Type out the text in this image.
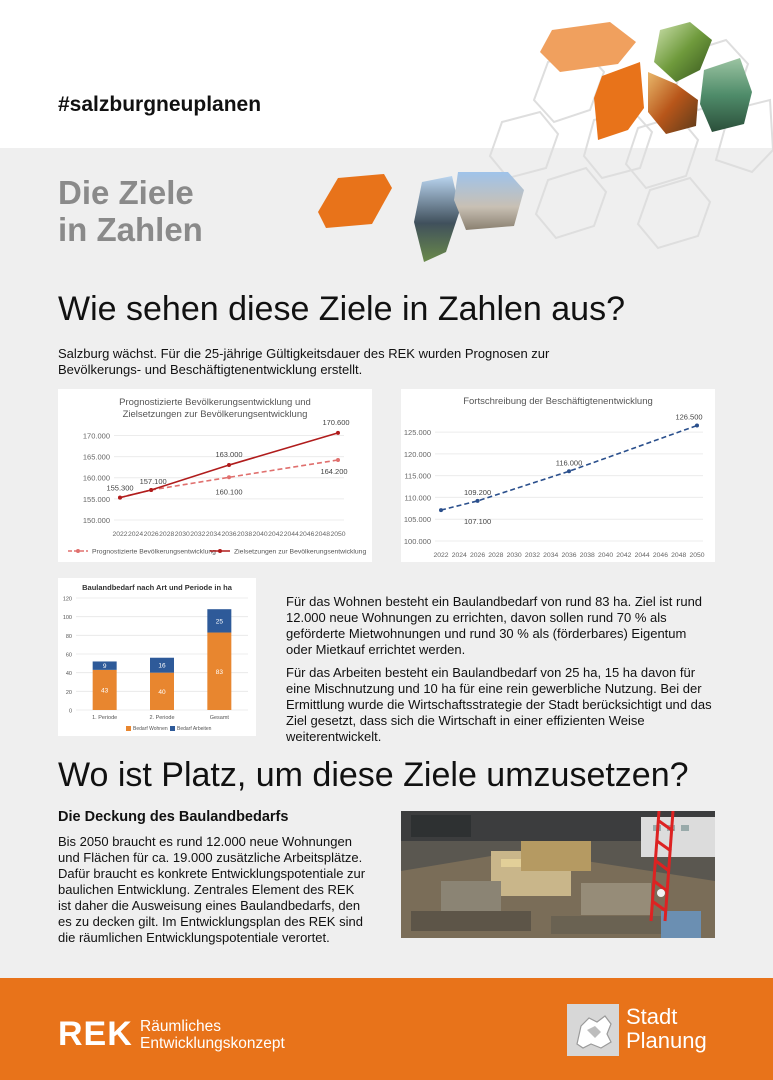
#salzburgneuplanen
Die Ziele
in Zahlen
Wie sehen diese Ziele in Zahlen aus?
Salzburg wächst. Für die 25-jährige Gültigkeitsdauer des REK wurden Prognosen zur Bevölkerungs- und Beschäftigtenentwicklung erstellt.
Prognostizierte Bevölkerungsentwicklung und
Zielsetzungen zur Bevölkerungsentwicklung
150.000
155.000
160.000
165.000
170.000
2022 2024 2026 2028 2030 2032 2034 2036 2038 2040 2042 2044 2046 2048 2050
155.300
157.100
163.000
160.100
170.600
164.200
Prognostizierte Bevölkerungsentwicklung	Zielsetzungen zur Bevölkerungsentwicklung
Fortschreibung der Beschäftigtenentwicklung
100.000
105.000
110.000
115.000
120.000
125.000
2022 2024 2026 2028 2030 2032 2034 2036 2038 2040 2042 2044 2046 2048 2050
107.100
109.200
116.000
126.500
Baulandbedarf nach Art und Periode in ha
0
20
40
60
80
100
120
43
9
1. Periode
40
16
2. Periode
83
25
Gesamt
Bedarf Wohnen Bedarf Arbeiten

Für das Wohnen besteht ein Baulandbedarf von rund 83 ha. Ziel ist rund 12.000 neue Wohnungen zu errichten, davon sollen rund 70 % als geförderte Mietwohnungen und rund 30 % als (förderbares) Eigentum oder Mietkauf errichtet werden.

Für das Arbeiten besteht ein Baulandbedarf von 25 ha, 15 ha davon für eine Mischnutzung und 10 ha für eine rein gewerbliche Nutzung. Bei der Ermittlung wurde die Wirtschaftsstrategie der Stadt berücksichtigt und das Ziel gesetzt, dass sich die Wirtschaft in einer effizienten Weise weiterentwickelt.

Wo ist Platz, um diese Ziele umzusetzen?
Die Deckung des Baulandbedarfs
Bis 2050 braucht es rund 12.000 neue Wohnungen und Flächen für ca. 19.000 zusätzliche Arbeitsplätze. Dafür braucht es konkrete Entwicklungspotentiale zur baulichen Entwicklung. Zentrales Element des REK ist daher die Ausweisung eines Baulandbedarfs, den es zu decken gilt. Im Entwicklungsplan des REK sind die räumlichen Entwicklungspotentiale verortet.
REK Räumliches
Entwicklungskonzept
Stadt
Planung
